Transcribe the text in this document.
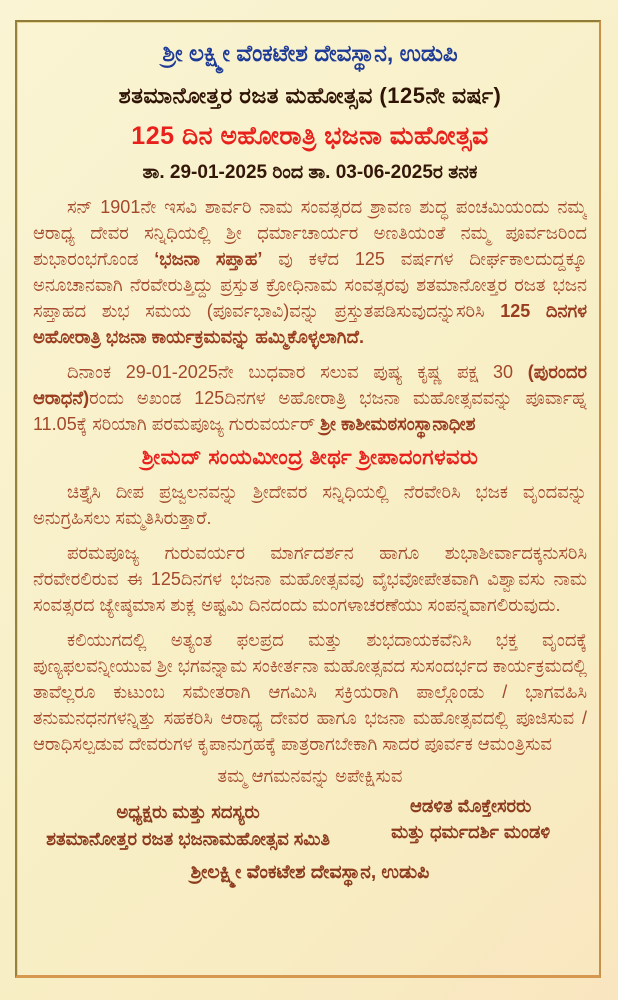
ಶ್ರೀ ಲಕ್ಷ್ಮೀ ವೆಂಕಟೇಶ ದೇವಸ್ಥಾನ, ಉಡುಪಿ
ಶತಮಾನೋತ್ತರ ರಜತ ಮಹೋತ್ಸವ (125ನೇ ವರ್ಷ)
125 ದಿನ ಅಹೋರಾತ್ರಿ ಭಜನಾ ಮಹೋತ್ಸವ
ತಾ. 29-01-2025 ರಿಂದ ತಾ. 03-06-2025ರ ತನಕ

ಸನ್ 1901ನೇ ಇಸವಿ ಶಾರ್ವರಿ ನಾಮ ಸಂವತ್ಸರದ ಶ್ರಾವಣ ಶುದ್ಧ ಪಂಚಮಿಯಂದು ನಮ್ಮ ಆರಾಧ್ಯ ದೇವರ ಸನ್ನಿಧಿಯಲ್ಲಿ ಶ್ರೀ ಧರ್ಮಾಚಾರ್ಯರ ಅಣತಿಯಂತೆ ನಮ್ಮ ಪೂರ್ವಜರಿಂದ ಶುಭಾರಂಭಗೊಂಡ ‘ಭಜನಾ ಸಪ್ತಾಹ’ ವು ಕಳೆದ 125 ವರ್ಷಗಳ ದೀರ್ಘಕಾಲದುದ್ದಕ್ಕೂ ಅನೂಚಾನವಾಗಿ ನೆರವೇರುತ್ತಿದ್ದು ಪ್ರಸ್ತುತ ಕ್ರೋಧಿನಾಮ ಸಂವತ್ಸರವು ಶತಮಾನೋತ್ತರ ರಜತ ಭಜನ ಸಪ್ತಾಹದ ಶುಭ ಸಮಯ (ಪೂರ್ವಭಾವಿ)ವನ್ನು ಪ್ರಸ್ತುತಪಡಿಸುವುದನ್ನುಸರಿಸಿ 125 ದಿನಗಳ ಅಹೋರಾತ್ರಿ ಭಜನಾ ಕಾರ್ಯಕ್ರಮವನ್ನು ಹಮ್ಮಿಕೊಳ್ಳಲಾಗಿದೆ.

ದಿನಾಂಕ 29-01-2025ನೇ ಬುಧವಾರ ಸಲುವ ಪುಷ್ಯ ಕೃಷ್ಣ ಪಕ್ಷ 30 (ಪುರಂದರ ಆರಾಧನೆ)ರಂದು ಅಖಂಡ 125ದಿನಗಳ ಅಹೋರಾತ್ರಿ ಭಜನಾ ಮಹೋತ್ಸವವನ್ನು ಪೂರ್ವಾಹ್ನ 11.05ಕ್ಕೆ ಸರಿಯಾಗಿ ಪರಮಪೂಜ್ಯ ಗುರುವರ್ಯರ್ ಶ್ರೀ ಕಾಶೀಮಠಸಂಸ್ಥಾನಾಧೀಶ

ಶ್ರೀಮದ್ ಸಂಯಮೀಂದ್ರ ತೀರ್ಥ ಶ್ರೀಪಾದಂಗಳವರು

ಚಿತ್ತೈಸಿ ದೀಪ ಪ್ರಜ್ವಲನವನ್ನು ಶ್ರೀದೇವರ ಸನ್ನಿಧಿಯಲ್ಲಿ ನೆರವೇರಿಸಿ ಭಜಕ ವೃಂದವನ್ನು ಅನುಗ್ರಹಿಸಲು ಸಮ್ಮತಿಸಿರುತ್ತಾರೆ.

ಪರಮಪೂಜ್ಯ ಗುರುವರ್ಯರ ಮಾರ್ಗದರ್ಶನ ಹಾಗೂ ಶುಭಾಶೀರ್ವಾದಕ್ಕನುಸರಿಸಿ ನೆರವೇರಲಿರುವ ಈ 125ದಿನಗಳ ಭಜನಾ ಮಹೋತ್ಸವವು ವೈಭವೋಪೇತವಾಗಿ ವಿಶ್ವಾವಸು ನಾಮ ಸಂವತ್ಸರದ ಜ್ಯೇಷ್ಠಮಾಸ ಶುಕ್ಲ ಅಷ್ಟಮಿ ದಿನದಂದು ಮಂಗಳಾಚರಣೆಯು ಸಂಪನ್ನವಾಗಲಿರುವುದು.

ಕಲಿಯುಗದಲ್ಲಿ ಅತ್ಯಂತ ಫಲಪ್ರದ ಮತ್ತು ಶುಭದಾಯಕವೆನಿಸಿ ಭಕ್ತ ವೃಂದಕ್ಕೆ ಪುಣ್ಯಫಲವನ್ನೀಯುವ ಶ್ರೀ ಭಗವನ್ನಾಮ ಸಂಕೀರ್ತನಾ ಮಹೋತ್ಸವದ ಸುಸಂದರ್ಭದ ಕಾರ್ಯಕ್ರಮದಲ್ಲಿ ತಾವೆಲ್ಲರೂ ಕುಟುಂಬ ಸಮೇತರಾಗಿ ಆಗಮಿಸಿ ಸಕ್ರಿಯರಾಗಿ ಪಾಲ್ಗೊಂಡು / ಭಾಗವಹಿಸಿ ತನುಮನಧನಗಳನ್ನಿತ್ತು ಸಹಕರಿಸಿ ಆರಾಧ್ಯ ದೇವರ ಹಾಗೂ ಭಜನಾ ಮಹೋತ್ಸವದಲ್ಲಿ ಪೂಜಿಸುವ / ಆರಾಧಿಸಲ್ಪಡುವ ದೇವರುಗಳ ಕೃಪಾನುಗ್ರಹಕ್ಕೆ ಪಾತ್ರರಾಗಬೇಕಾಗಿ ಸಾದರ ಪೂರ್ವಕ ಆಮಂತ್ರಿಸುವ

ತಮ್ಮ ಆಗಮನವನ್ನು ಅಪೇಕ್ಷಿಸುವ
ಅಧ್ಯಕ್ಷರು ಮತ್ತು ಸದಸ್ಯರು
ಶತಮಾನೋತ್ತರ ರಜತ ಭಜನಾಮಹೋತ್ಸವ ಸಮಿತಿ
ಆಡಳಿತ ಮೊಕ್ತೇಸರರು
ಮತ್ತು ಧರ್ಮದರ್ಶಿ ಮಂಡಳಿ
ಶ್ರೀಲಕ್ಷ್ಮೀ ವೆಂಕಟೇಶ ದೇವಸ್ಥಾನ, ಉಡುಪಿ
